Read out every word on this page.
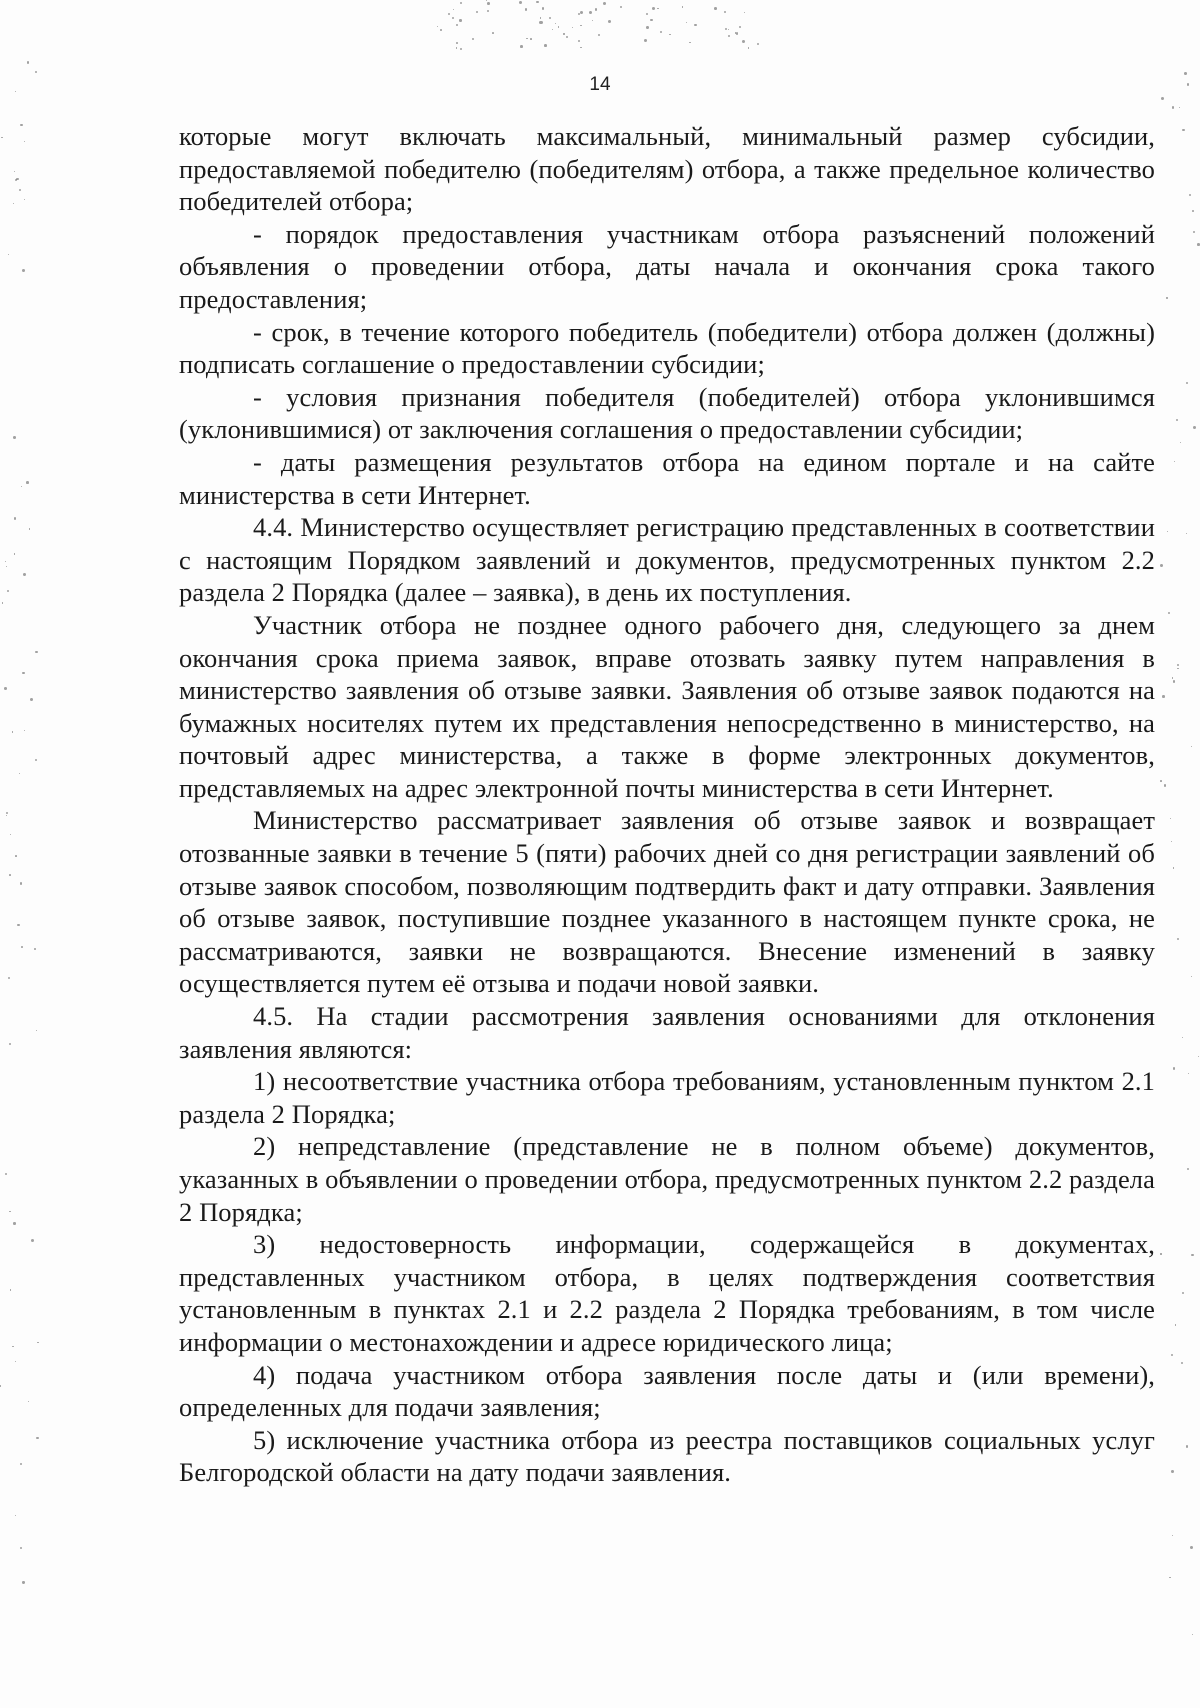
14

которые могут включать максимальный, минимальный размер субсидии, предоставляемой победителю (победителям) отбора, а также предельное количество победителей отбора;

- порядок предоставления участникам отбора разъяснений положений объявления о проведении отбора, даты начала и окончания срока такого предоставления;

- срок, в течение которого победитель (победители) отбора должен (должны) подписать соглашение о предоставлении субсидии;

- условия признания победителя (победителей) отбора уклонившимся (уклонившимися) от заключения соглашения о предоставлении субсидии;

- даты размещения результатов отбора на едином портале и на сайте министерства в сети Интернет.

4.4. Министерство осуществляет регистрацию представленных в соответствии с настоящим Порядком заявлений и документов, предусмотренных пунктом 2.2 раздела 2 Порядка (далее – заявка), в день их поступления.

Участник отбора не позднее одного рабочего дня, следующего за днем окончания срока приема заявок, вправе отозвать заявку путем направления в министерство заявления об отзыве заявки. Заявления об отзыве заявок подаются на бумажных носителях путем их представления непосредственно в министерство, на почтовый адрес министерства, а также в форме электронных документов, представляемых на адрес электронной почты министерства в сети Интернет.

Министерство рассматривает заявления об отзыве заявок и возвращает отозванные заявки в течение 5 (пяти) рабочих дней со дня регистрации заявлений об отзыве заявок способом, позволяющим подтвердить факт и дату отправки. Заявления об отзыве заявок, поступившие позднее указанного в настоящем пункте срока, не рассматриваются, заявки не возвращаются. Внесение изменений в заявку осуществляется путем её отзыва и подачи новой заявки.

4.5. На стадии рассмотрения заявления основаниями для отклонения заявления являются:

1) несоответствие участника отбора требованиям, установленным пунктом 2.1 раздела 2 Порядка;

2) непредставление (представление не в полном объеме) документов, указанных в объявлении о проведении отбора, предусмотренных пунктом 2.2 раздела 2 Порядка;

3) недостоверность информации, содержащейся в документах, представленных участником отбора, в целях подтверждения соответствия установленным в пунктах 2.1 и 2.2 раздела 2 Порядка требованиям, в том числе информации о местонахождении и адресе юридического лица;

4) подача участником отбора заявления после даты и (или времени), определенных для подачи заявления;

5) исключение участника отбора из реестра поставщиков социальных услуг Белгородской области на дату подачи заявления.
